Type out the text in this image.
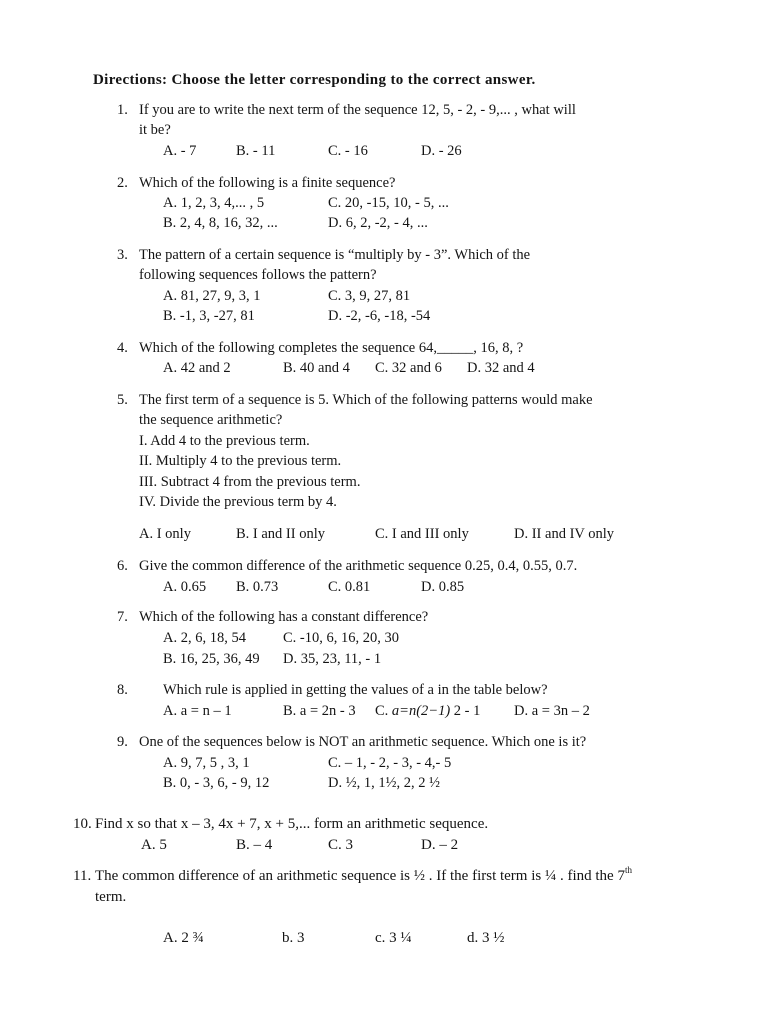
Directions: Choose the letter corresponding to the correct answer.
1. If you are to write the next term of the sequence 12, 5, - 2, - 9,... , what will
it be?
A. - 7	B. - 11	C. - 16	D. - 26
2. Which of the following is a finite sequence?
A. 1, 2, 3, 4,... , 5	C. 20, -15, 10, - 5, ...
B. 2, 4, 8, 16, 32, ...	D. 6, 2, -2, - 4, ...
3. The pattern of a certain sequence is “multiply by - 3”. Which of the
following sequences follows the pattern?
A. 81, 27, 9, 3, 1	C. 3, 9, 27, 81
B. -1, 3, -27, 81	D. -2, -6, -18, -54
4. Which of the following completes the sequence 64,_____, 16, 8, ?
A. 42 and 2	B. 40 and 4 C. 32 and 6 D. 32 and 4
5. The first term of a sequence is 5. Which of the following patterns would make
the sequence arithmetic?
I. Add 4 to the previous term.
II. Multiply 4 to the previous term.
III. Subtract 4 from the previous term.
IV. Divide the previous term by 4.
A. I only	B. I and II only	C. I and III only	D. II and IV only
6. Give the common difference of the arithmetic sequence 0.25, 0.4, 0.55, 0.7.
A. 0.65 B. 0.73	C. 0.81	D. 0.85
7. Which of the following has a constant difference?
A. 2, 6, 18, 54	C. -10, 6, 16, 20, 30
B. 16, 25, 36, 49 D. 35, 23, 11, - 1
8. Which rule is applied in getting the values of a in the table below?
A. a = n – 1	B. a = 2n - 3 C. a=n(2−1) 2 - 1 D. a = 3n – 2
9. One of the sequences below is NOT an arithmetic sequence. Which one is it?
A. 9, 7, 5 , 3, 1	C. – 1, - 2, - 3, - 4,- 5
B. 0, - 3, 6, - 9, 12	D. ½, 1, 1½, 2, 2 ½
10. Find x so that x – 3, 4x + 7, x + 5,... form an arithmetic sequence.
A. 5	B. – 4	C. 3	D. – 2
11. The common difference of an arithmetic sequence is ½ . If the first term is ¼ . find the 7th
term.
A. 2 ¾	b. 3	c. 3 ¼	d. 3 ½
